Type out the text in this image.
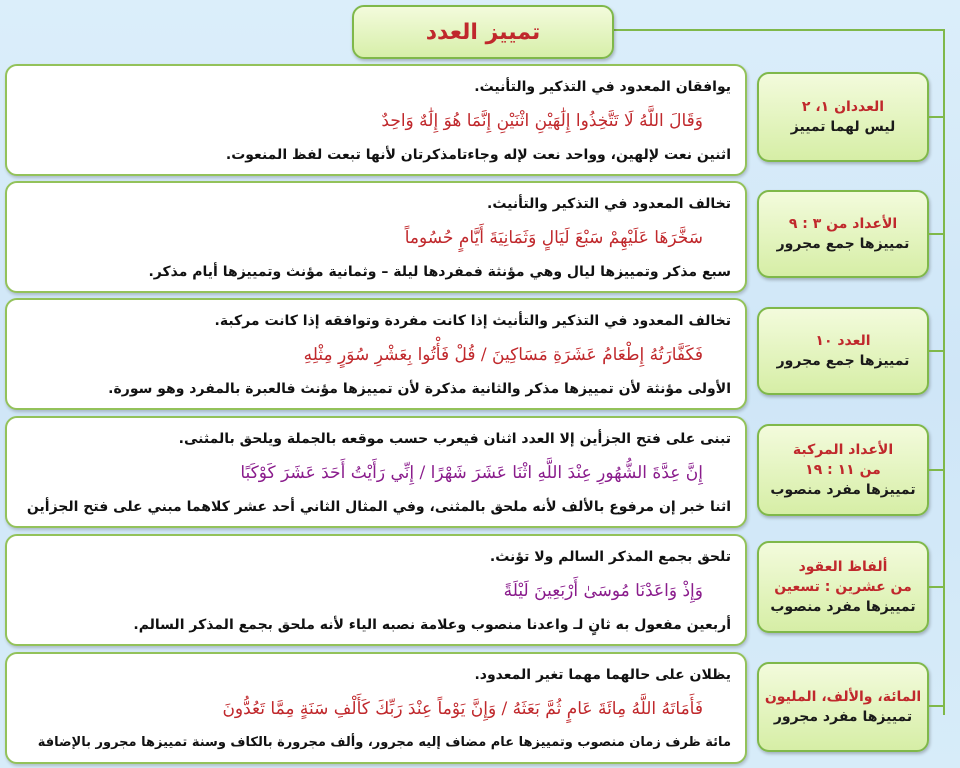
تمييز العدد
يوافقان المعدود في التذكير والتأنيث.
وَقَالَ اللَّهُ لَا تَتَّخِذُوا إِلَٰهَيْنِ اثْنَيْنِ إِنَّمَا هُوَ إِلَٰهٌ وَاحِدٌ
اثنين نعت لإلهين، وواحد نعت لإله وجاءتامذكرتان لأنها تبعت لفظ المنعوت.
العددان ١، ٢
ليس لهما تمييز
تخالف المعدود في التذكير والتأنيث.
سَخَّرَهَا عَلَيْهِمْ سَبْعَ لَيَالٍ وَثَمَانِيَةَ أَيَّامٍ حُسُوماً
سبع مذكر وتمييزها ليال وهي مؤنثة فمفردها ليلة – وثمانية مؤنث وتمييزها أيام مذكر.
الأعداد من ٣ : ٩
تمييزها جمع مجرور
تخالف المعدود في التذكير والتأنيث إذا كانت مفردة وتوافقه إذا كانت مركبة.
فَكَفَّارَتُهُ إِطْعَامُ عَشَرَةِ مَسَاكِينَ / قُلْ فَأْتُوا بِعَشْرِ سُوَرٍ مِثْلِهِ
الأولى مؤنثة لأن تمييزها مذكر والثانية مذكرة لأن تمييزها مؤنث فالعبرة بالمفرد وهو سورة.
العدد ١٠
تمييزها جمع مجرور
تبنى على فتح الجزأين إلا العدد اثنان فيعرب حسب موقعه بالجملة ويلحق بالمثنى.
إِنَّ عِدَّةَ الشُّهُورِ عِنْدَ اللَّهِ اثْنَا عَشَرَ شَهْرًا / إِنِّي رَأَيْتُ أَحَدَ عَشَرَ كَوْكَبًا
اثنا خبر إن مرفوع بالألف لأنه ملحق بالمثنى، وفي المثال الثاني أحد عشر كلاهما مبني على فتح الجزأين
الأعداد المركبة
من ١١ : ١٩
تمييزها مفرد منصوب
تلحق بجمع المذكر السالم ولا تؤنث.
وَإِذْ وَاعَدْنَا مُوسَىٰ أَرْبَعِينَ لَيْلَةً
أربعين مفعول به ثانٍ لـ واعدنا منصوب وعلامة نصبه الياء لأنه ملحق بجمع المذكر السالم.
ألفاظ العقود
من عشرين : تسعين
تمييزها مفرد منصوب
يظلان على حالهما مهما تغير المعدود.
فَأَمَاتَهُ اللَّهُ مِائَةَ عَامٍ ثُمَّ بَعَثَهُ / وَإِنَّ يَوْماً عِنْدَ رَبِّكَ كَأَلْفِ سَنَةٍ مِمَّا تَعُدُّونَ
مائة ظرف زمان منصوب وتمييزها عام مضاف إليه مجرور، وألف مجرورة بالكاف وسنة تمييزها مجرور بالإضافة
المائة، والألف، المليون
تمييزها مفرد مجرور
